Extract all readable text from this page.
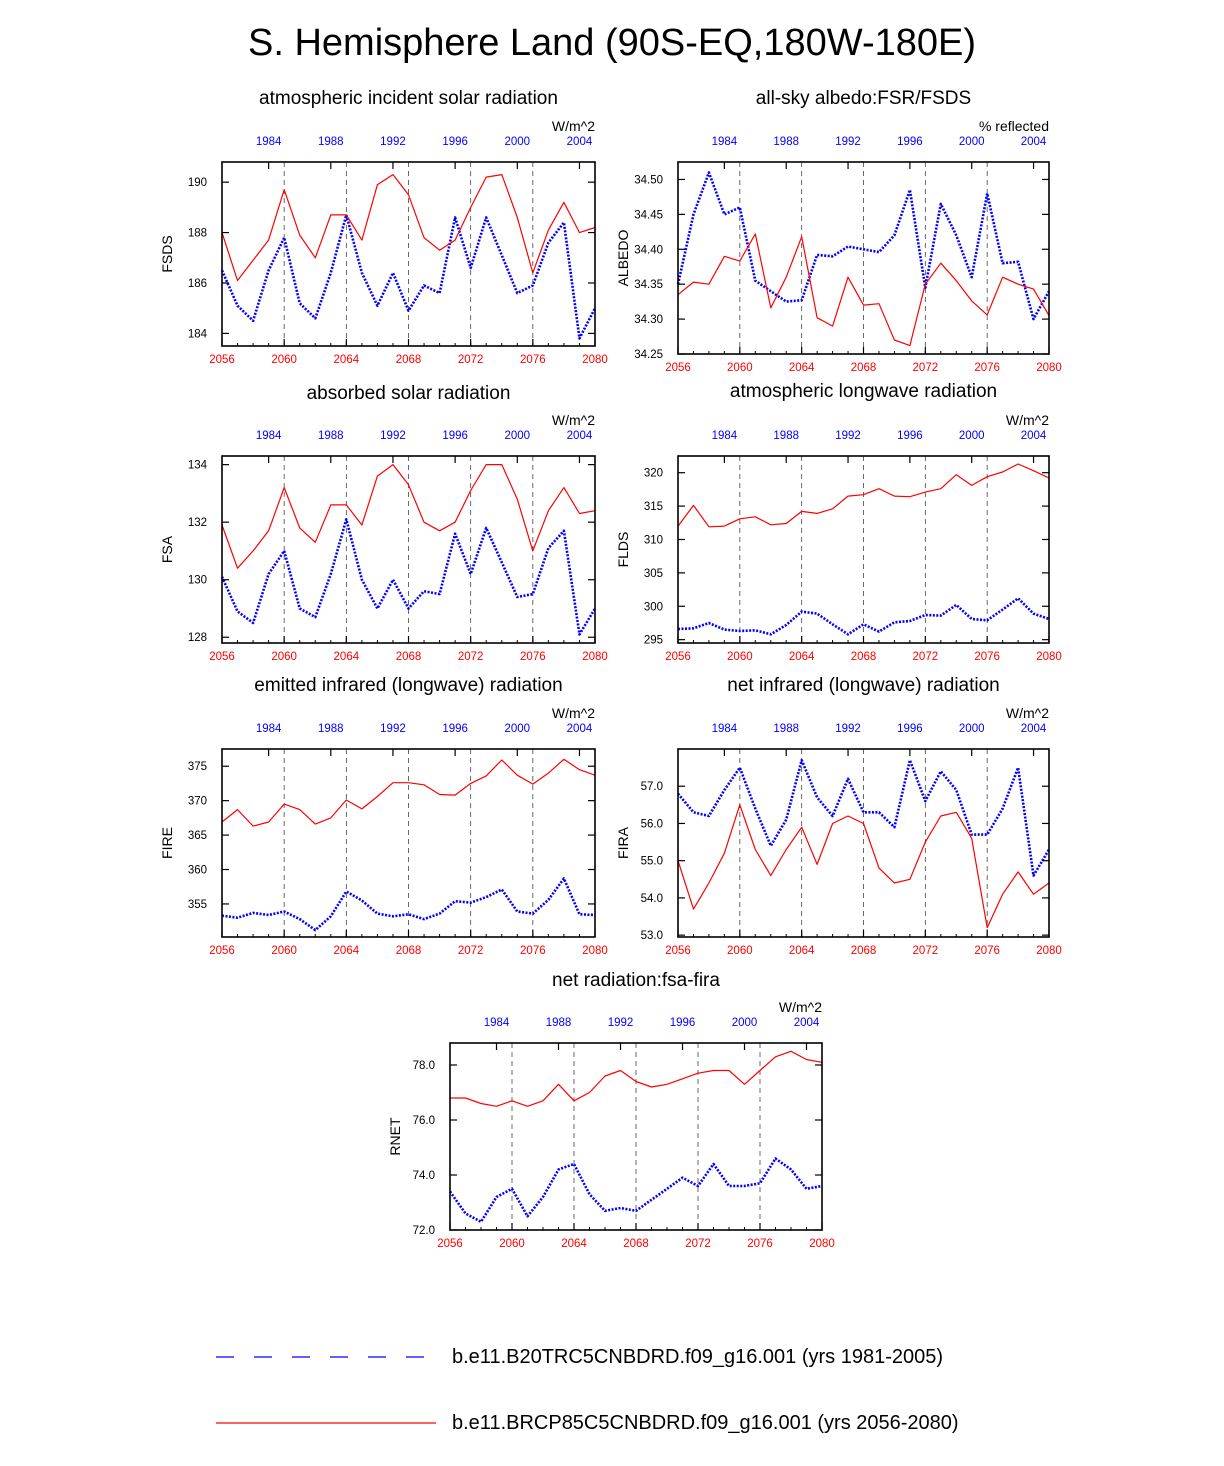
S. Hemisphere Land (90S-EQ,180W-180E)
atmospheric incident solar radiation	all-sky albedo:FSR/FSDS
absorbed solar radiation	atmospheric longwave radiation
emitted infrared (longwave) radiation	net infrared (longwave) radiation
net radiation:fsa-fira
2056	2060	2064	2068	2072	2076	2080
1984	1988	1992	1996	2000	2004
184
186
188
190
FSDS
W/m^2
2056	2060	2064	2068	2072	2076	2080
1984	1988	1992	1996	2000	2004
34.25
34.30
34.35
34.40
34.45
34.50
ALBEDO
% reflected
2056	2060	2064	2068	2072	2076	2080
1984	1988	1992	1996	2000	2004
128
130
132
134
FSA
W/m^2
2056	2060	2064	2068	2072	2076	2080
1984	1988	1992	1996	2000	2004
295
300
305
310
315
320
FLDS
W/m^2
2056	2060	2064	2068	2072	2076	2080
1984	1988	1992	1996	2000	2004
355
360
365
370
375
FIRE
W/m^2
2056	2060	2064	2068	2072	2076	2080
1984	1988	1992	1996	2000	2004
53.0
54.0
55.0
56.0
57.0
FIRA
W/m^2
2056	2060	2064	2068	2072	2076	2080
1984	1988	1992	1996	2000	2004
72.0
74.0
76.0
78.0
RNET
W/m^2
b.e11.B20TRC5CNBDRD.f09_g16.001 (yrs 1981-2005)
b.e11.BRCP85C5CNBDRD.f09_g16.001 (yrs 2056-2080)
